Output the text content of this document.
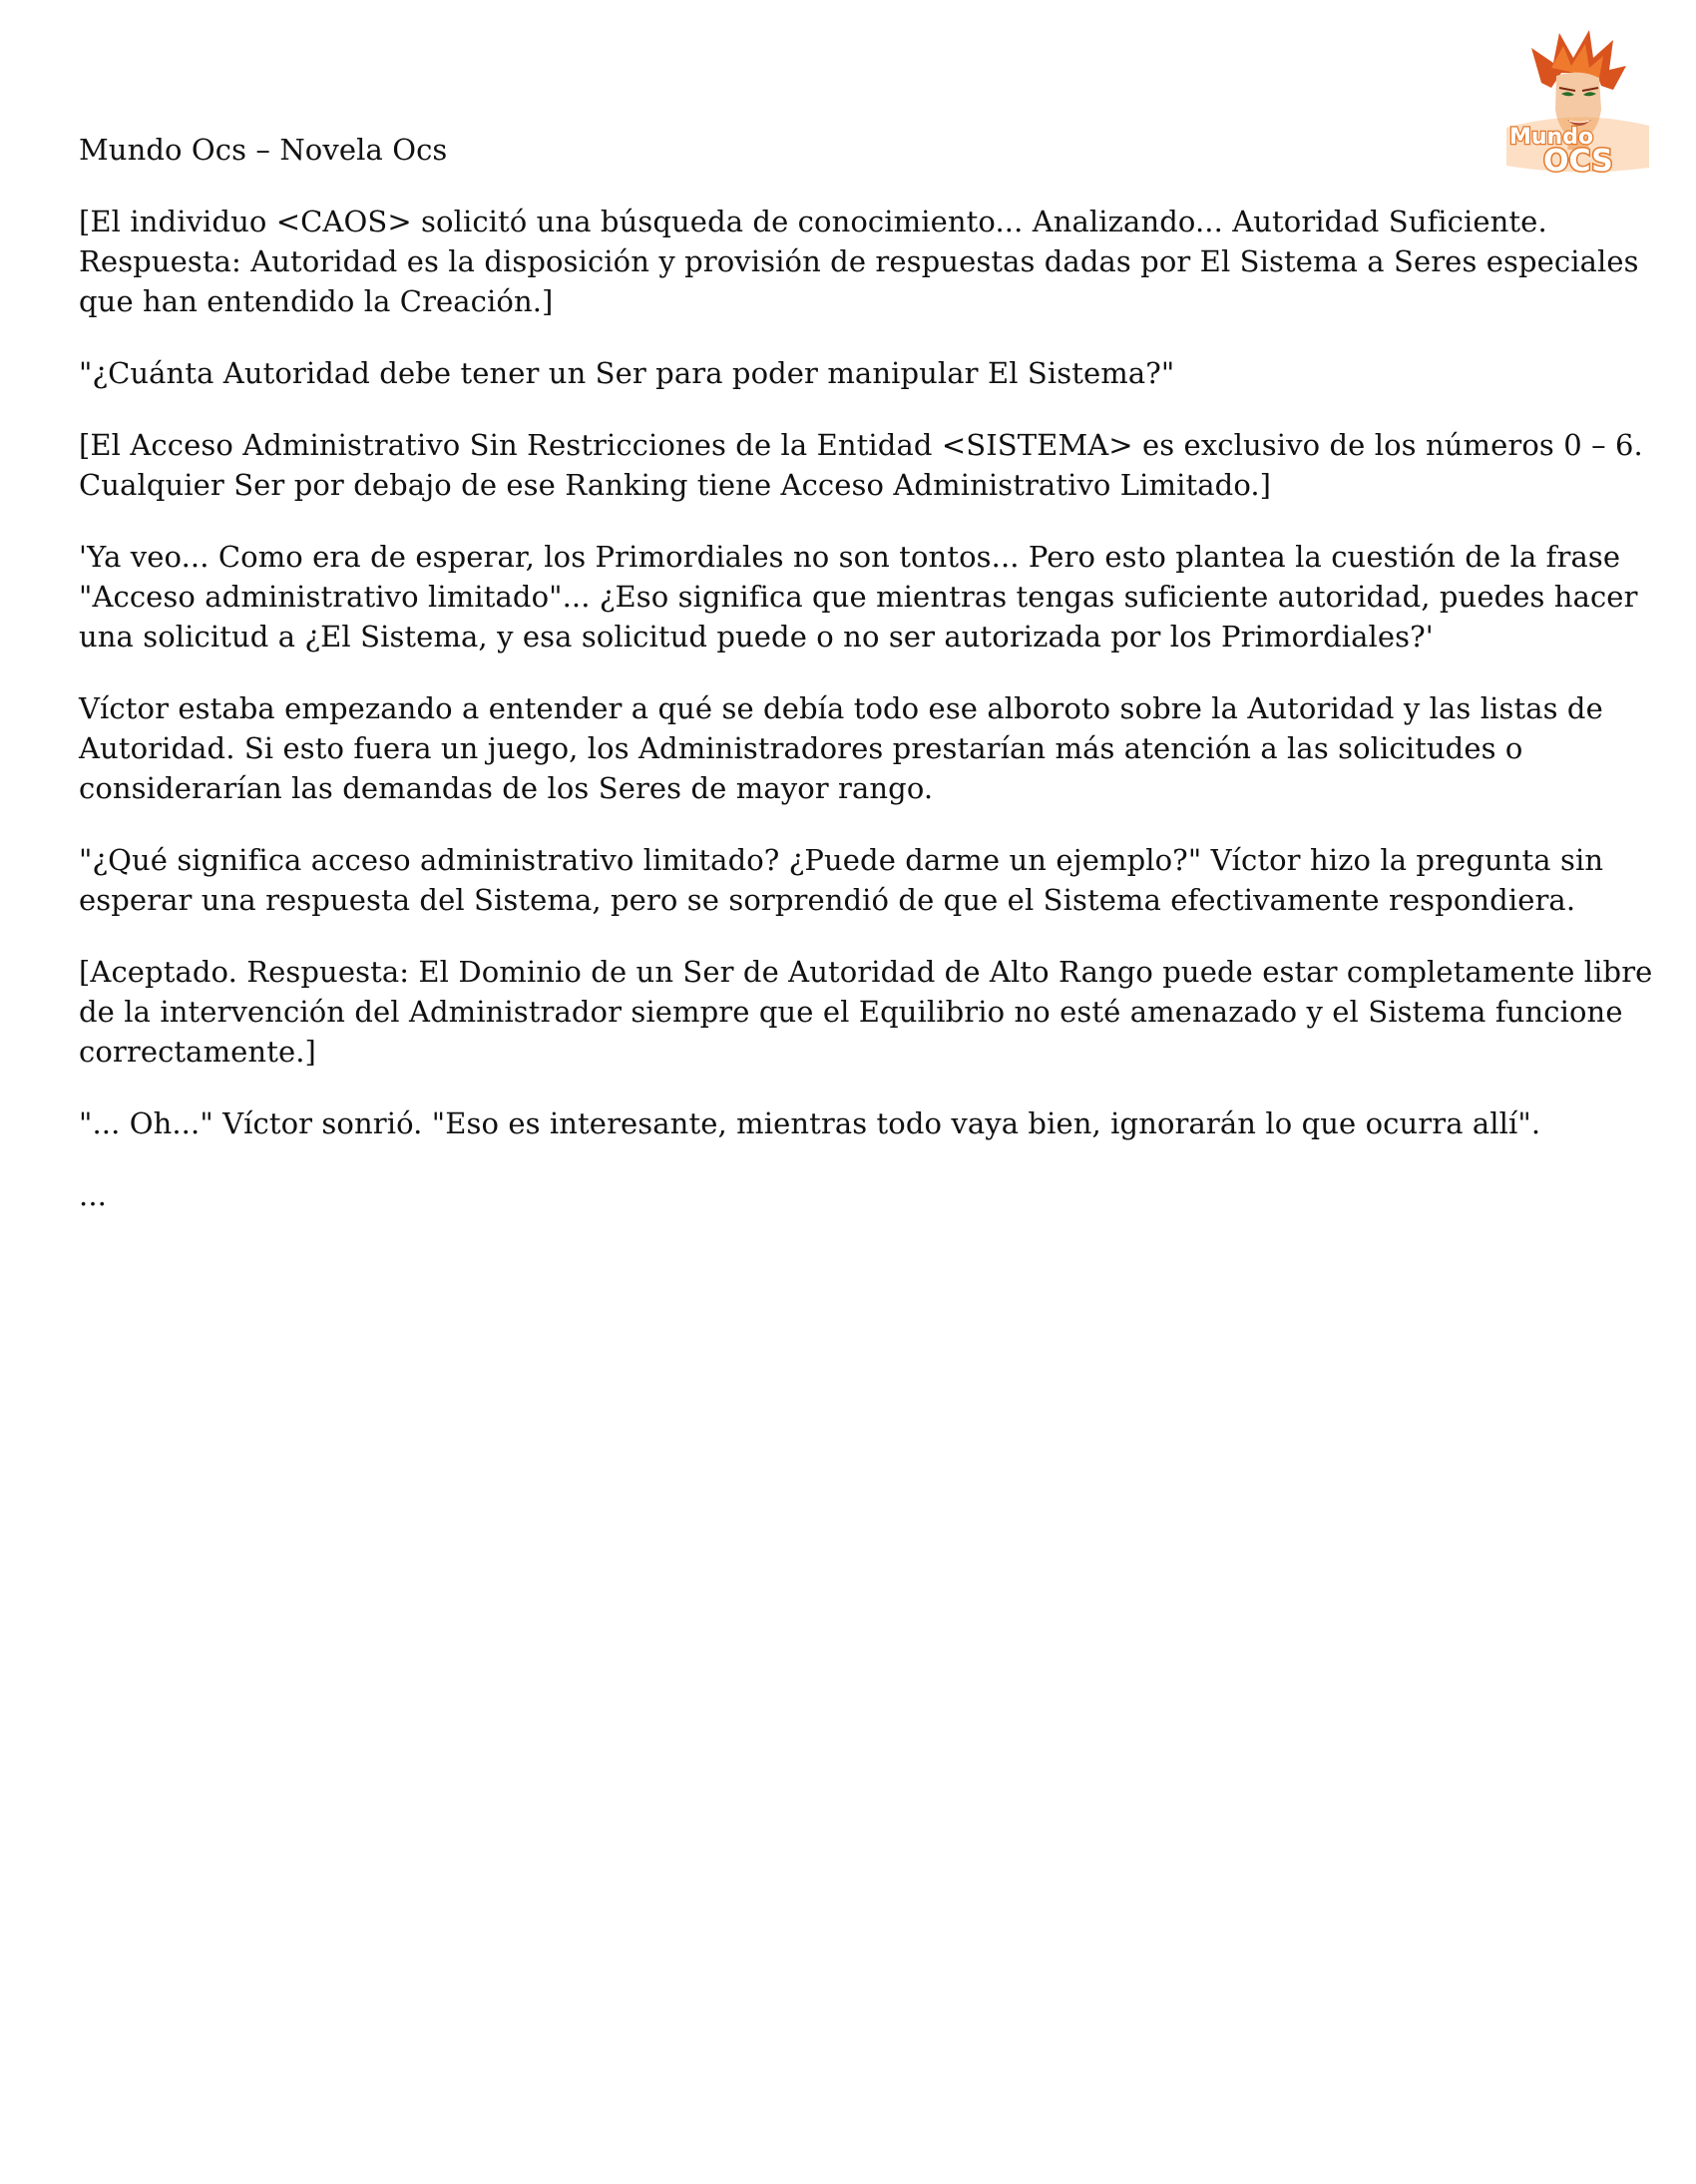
Mundo
OCS

Mundo Ocs – Novela Ocs

[El individuo <CAOS> solicitó una búsqueda de conocimiento... Analizando... Autoridad Suficiente. Respuesta: Autoridad es la disposición y provisión de respuestas dadas por El Sistema a Seres especiales que han entendido la Creación.]

"¿Cuánta Autoridad debe tener un Ser para poder manipular El Sistema?"

[El Acceso Administrativo Sin Restricciones de la Entidad <SISTEMA> es exclusivo de los números 0 – 6. Cualquier Ser por debajo de ese Ranking tiene Acceso Administrativo Limitado.]

'Ya veo... Como era de esperar, los Primordiales no son tontos... Pero esto plantea la cuestión de la frase "Acceso administrativo limitado"... ¿Eso significa que mientras tengas suficiente autoridad, puedes hacer una solicitud a ¿El Sistema, y esa solicitud puede o no ser autorizada por los Primordiales?'

Víctor estaba empezando a entender a qué se debía todo ese alboroto sobre la Autoridad y las listas de Autoridad. Si esto fuera un juego, los Administradores prestarían más atención a las solicitudes o considerarían las demandas de los Seres de mayor rango.

"¿Qué significa acceso administrativo limitado? ¿Puede darme un ejemplo?" Víctor hizo la pregunta sin esperar una respuesta del Sistema, pero se sorprendió de que el Sistema efectivamente respondiera.

[Aceptado. Respuesta: El Dominio de un Ser de Autoridad de Alto Rango puede estar completamente libre de la intervención del Administrador siempre que el Equilibrio no esté amenazado y el Sistema funcione correctamente.]

"... Oh..." Víctor sonrió. "Eso es interesante, mientras todo vaya bien, ignorarán lo que ocurra allí".

...
